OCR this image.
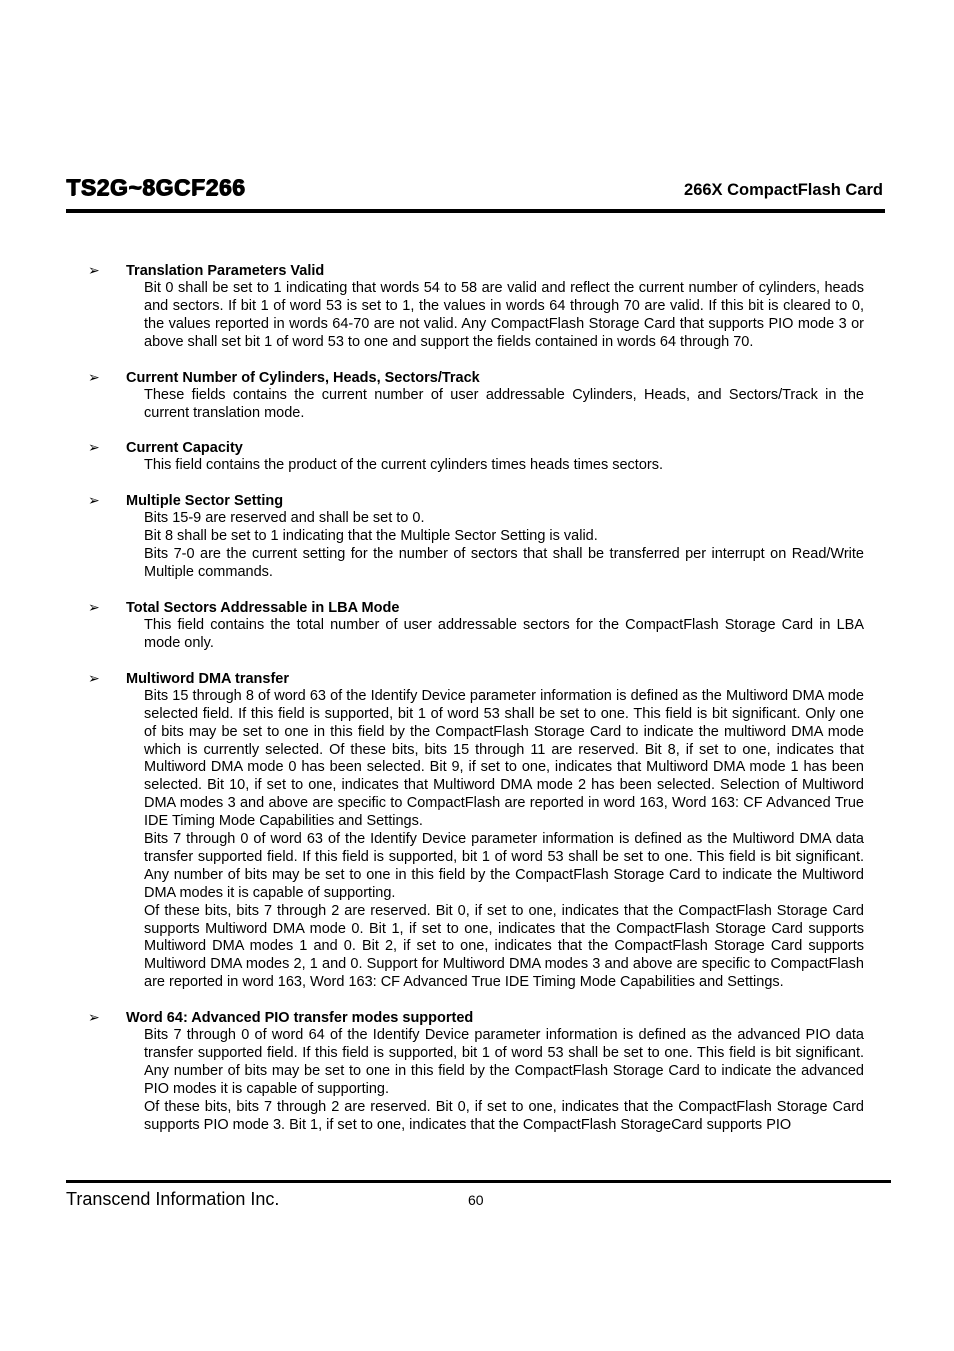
TS2G~8GCF266	266X CompactFlash Card
➢	Translation Parameters Valid

Bit 0 shall be set to 1 indicating that words 54 to 58 are valid and reflect the current number of cylinders, heads and sectors. If bit 1 of word 53 is set to 1, the values in words 64 through 70 are valid. If this bit is cleared to 0, the values reported in words 64-70 are not valid. Any CompactFlash Storage Card that supports PIO mode 3 or above shall set bit 1 of word 53 to one and support the fields contained in words 64 through 70.

➢	Current Number of Cylinders, Heads, Sectors/Track

These fields contains the current number of user addressable Cylinders, Heads, and Sectors/Track in the current translation mode.

➢	Current Capacity

This field contains the product of the current cylinders times heads times sectors.

➢	Multiple Sector Setting

Bits 15-9 are reserved and shall be set to 0.

Bit 8 shall be set to 1 indicating that the Multiple Sector Setting is valid.

Bits 7-0 are the current setting for the number of sectors that shall be transferred per interrupt on Read/Write Multiple commands.

➢	Total Sectors Addressable in LBA Mode

This field contains the total number of user addressable sectors for the CompactFlash Storage Card in LBA mode only.

➢	Multiword DMA transfer

Bits 15 through 8 of word 63 of the Identify Device parameter information is defined as the Multiword DMA mode selected field. If this field is supported, bit 1 of word 53 shall be set to one. This field is bit significant. Only one of bits may be set to one in this field by the CompactFlash Storage Card to indicate the multiword DMA mode which is currently selected. Of these bits, bits 15 through 11 are reserved. Bit 8, if set to one, indicates that Multiword DMA mode 0 has been selected. Bit 9, if set to one, indicates that Multiword DMA mode 1 has been selected. Bit 10, if set to one, indicates that Multiword DMA mode 2 has been selected. Selection of Multiword DMA modes 3 and above are specific to CompactFlash are reported in word 163, Word 163: CF Advanced True IDE Timing Mode Capabilities and Settings.

Bits 7 through 0 of word 63 of the Identify Device parameter information is defined as the Multiword DMA data transfer supported field. If this field is supported, bit 1 of word 53 shall be set to one. This field is bit significant. Any number of bits may be set to one in this field by the CompactFlash Storage Card to indicate the Multiword DMA modes it is capable of supporting.

Of these bits, bits 7 through 2 are reserved. Bit 0, if set to one, indicates that the CompactFlash Storage Card supports Multiword DMA mode 0. Bit 1, if set to one, indicates that the CompactFlash Storage Card supports Multiword DMA modes 1 and 0. Bit 2, if set to one, indicates that the CompactFlash Storage Card supports Multiword DMA modes 2, 1 and 0. Support for Multiword DMA modes 3 and above are specific to CompactFlash are reported in word 163, Word 163: CF Advanced True IDE Timing Mode Capabilities and Settings.

➢	Word 64: Advanced PIO transfer modes supported

Bits 7 through 0 of word 64 of the Identify Device parameter information is defined as the advanced PIO data transfer supported field. If this field is supported, bit 1 of word 53 shall be set to one. This field is bit significant. Any number of bits may be set to one in this field by the CompactFlash Storage Card to indicate the advanced PIO modes it is capable of supporting.

Of these bits, bits 7 through 2 are reserved. Bit 0, if set to one, indicates that the CompactFlash Storage Card supports PIO mode 3. Bit 1, if set to one, indicates that the CompactFlash StorageCard supports PIO

Transcend Information Inc.	60
